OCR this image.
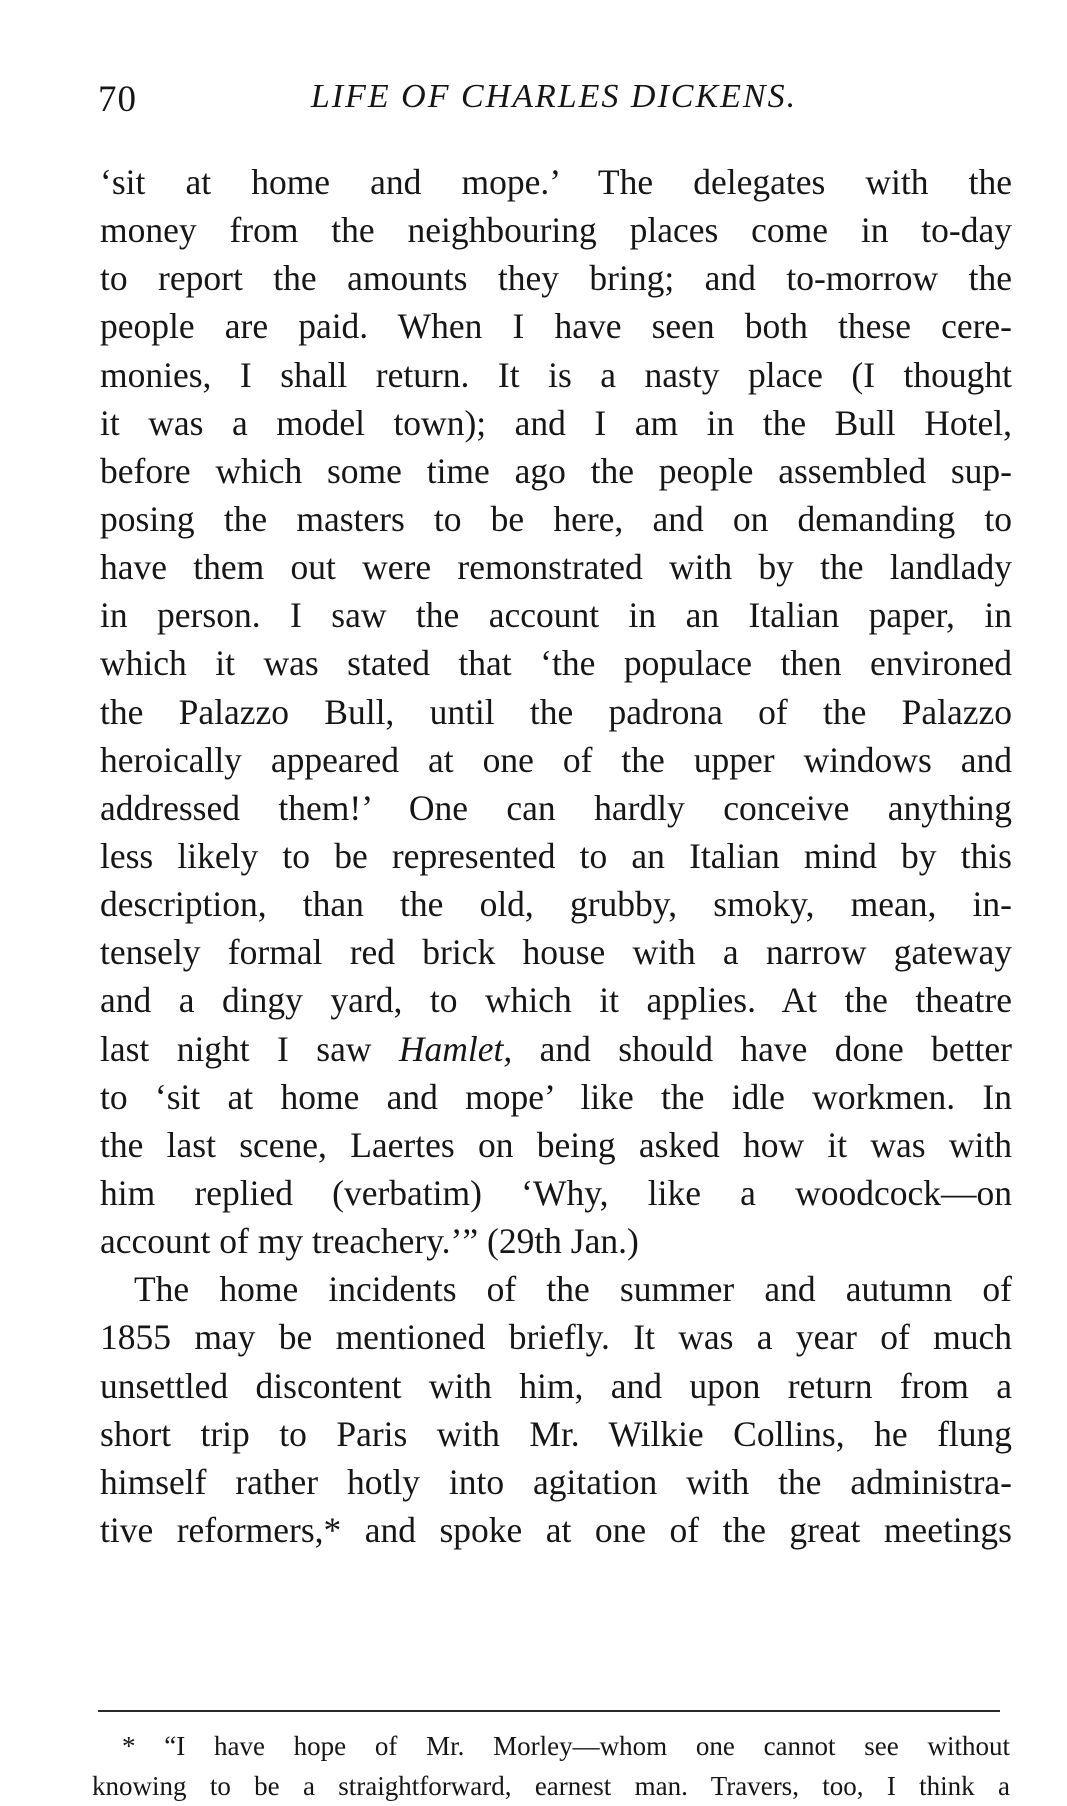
70	LIFE OF CHARLES DICKENS.
‘sit at home and mope.’ The delegates with the
money from the neighbouring places come in to-day
to report the amounts they bring; and to-morrow the
people are paid. When I have seen both these cere-
monies, I shall return. It is a nasty place (I thought
it was a model town); and I am in the Bull Hotel,
before which some time ago the people assembled sup-
posing the masters to be here, and on demanding to
have them out were remonstrated with by the landlady
in person. I saw the account in an Italian paper, in
which it was stated that ‘the populace then environed
the Palazzo Bull, until the padrona of the Palazzo
heroically appeared at one of the upper windows and
addressed them!’ One can hardly conceive anything
less likely to be represented to an Italian mind by this
description, than the old, grubby, smoky, mean, in-
tensely formal red brick house with a narrow gateway
and a dingy yard, to which it applies. At the theatre
last night I saw Hamlet, and should have done better
to ‘sit at home and mope’ like the idle workmen. In
the last scene, Laertes on being asked how it was with
him replied (verbatim) ‘Why, like a woodcock—on
account of my treachery.’” (29th Jan.)
The home incidents of the summer and autumn of
1855 may be mentioned briefly. It was a year of much
unsettled discontent with him, and upon return from a
short trip to Paris with Mr. Wilkie Collins, he flung
himself rather hotly into agitation with the administra-
tive reformers,* and spoke at one of the great meetings
* “I have hope of Mr. Morley—whom one cannot see without
knowing to be a straightforward, earnest man. Travers, too, I think a
